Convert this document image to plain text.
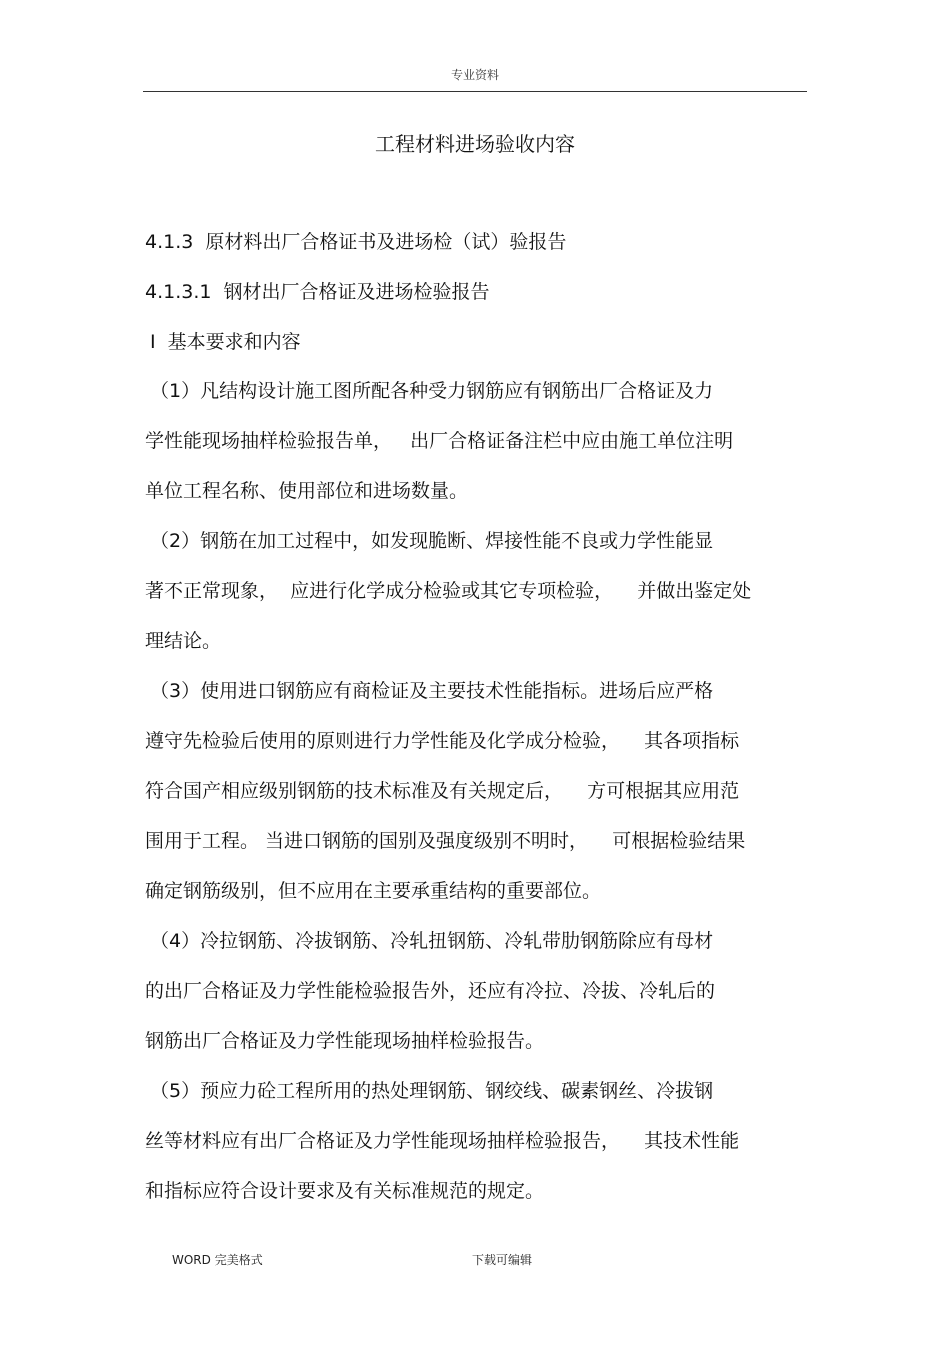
专业资料
工程材料进场验收内容
4.1.3  原材料出厂合格证书及进场检（试）验报告
4.1.3.1  钢材出厂合格证及进场检验报告
Ⅰ  基本要求和内容
（1）凡结构设计施工图所配各种受力钢筋应有钢筋出厂合格证及力
学性能现场抽样检验报告单，   出厂合格证备注栏中应由施工单位注明
单位工程名称、使用部位和进场数量。
（2）钢筋在加工过程中，如发现脆断、焊接性能不良或力学性能显
著不正常现象，  应进行化学成分检验或其它专项检验，    并做出鉴定处
理结论。
（3）使用进口钢筋应有商检证及主要技术性能指标。进场后应严格
遵守先检验后使用的原则进行力学性能及化学成分检验，    其各项指标
符合国产相应级别钢筋的技术标准及有关规定后，    方可根据其应用范
围用于工程。 当进口钢筋的国别及强度级别不明时，    可根据检验结果
确定钢筋级别，但不应用在主要承重结构的重要部位。
（4）冷拉钢筋、冷拔钢筋、冷轧扭钢筋、冷轧带肋钢筋除应有母材
的出厂合格证及力学性能检验报告外，还应有冷拉、冷拔、冷轧后的
钢筋出厂合格证及力学性能现场抽样检验报告。
（5）预应力砼工程所用的热处理钢筋、钢绞线、碳素钢丝、冷拔钢
丝等材料应有出厂合格证及力学性能现场抽样检验报告，    其技术性能
和指标应符合设计要求及有关标准规范的规定。
WORD 完美格式	下载可编辑
